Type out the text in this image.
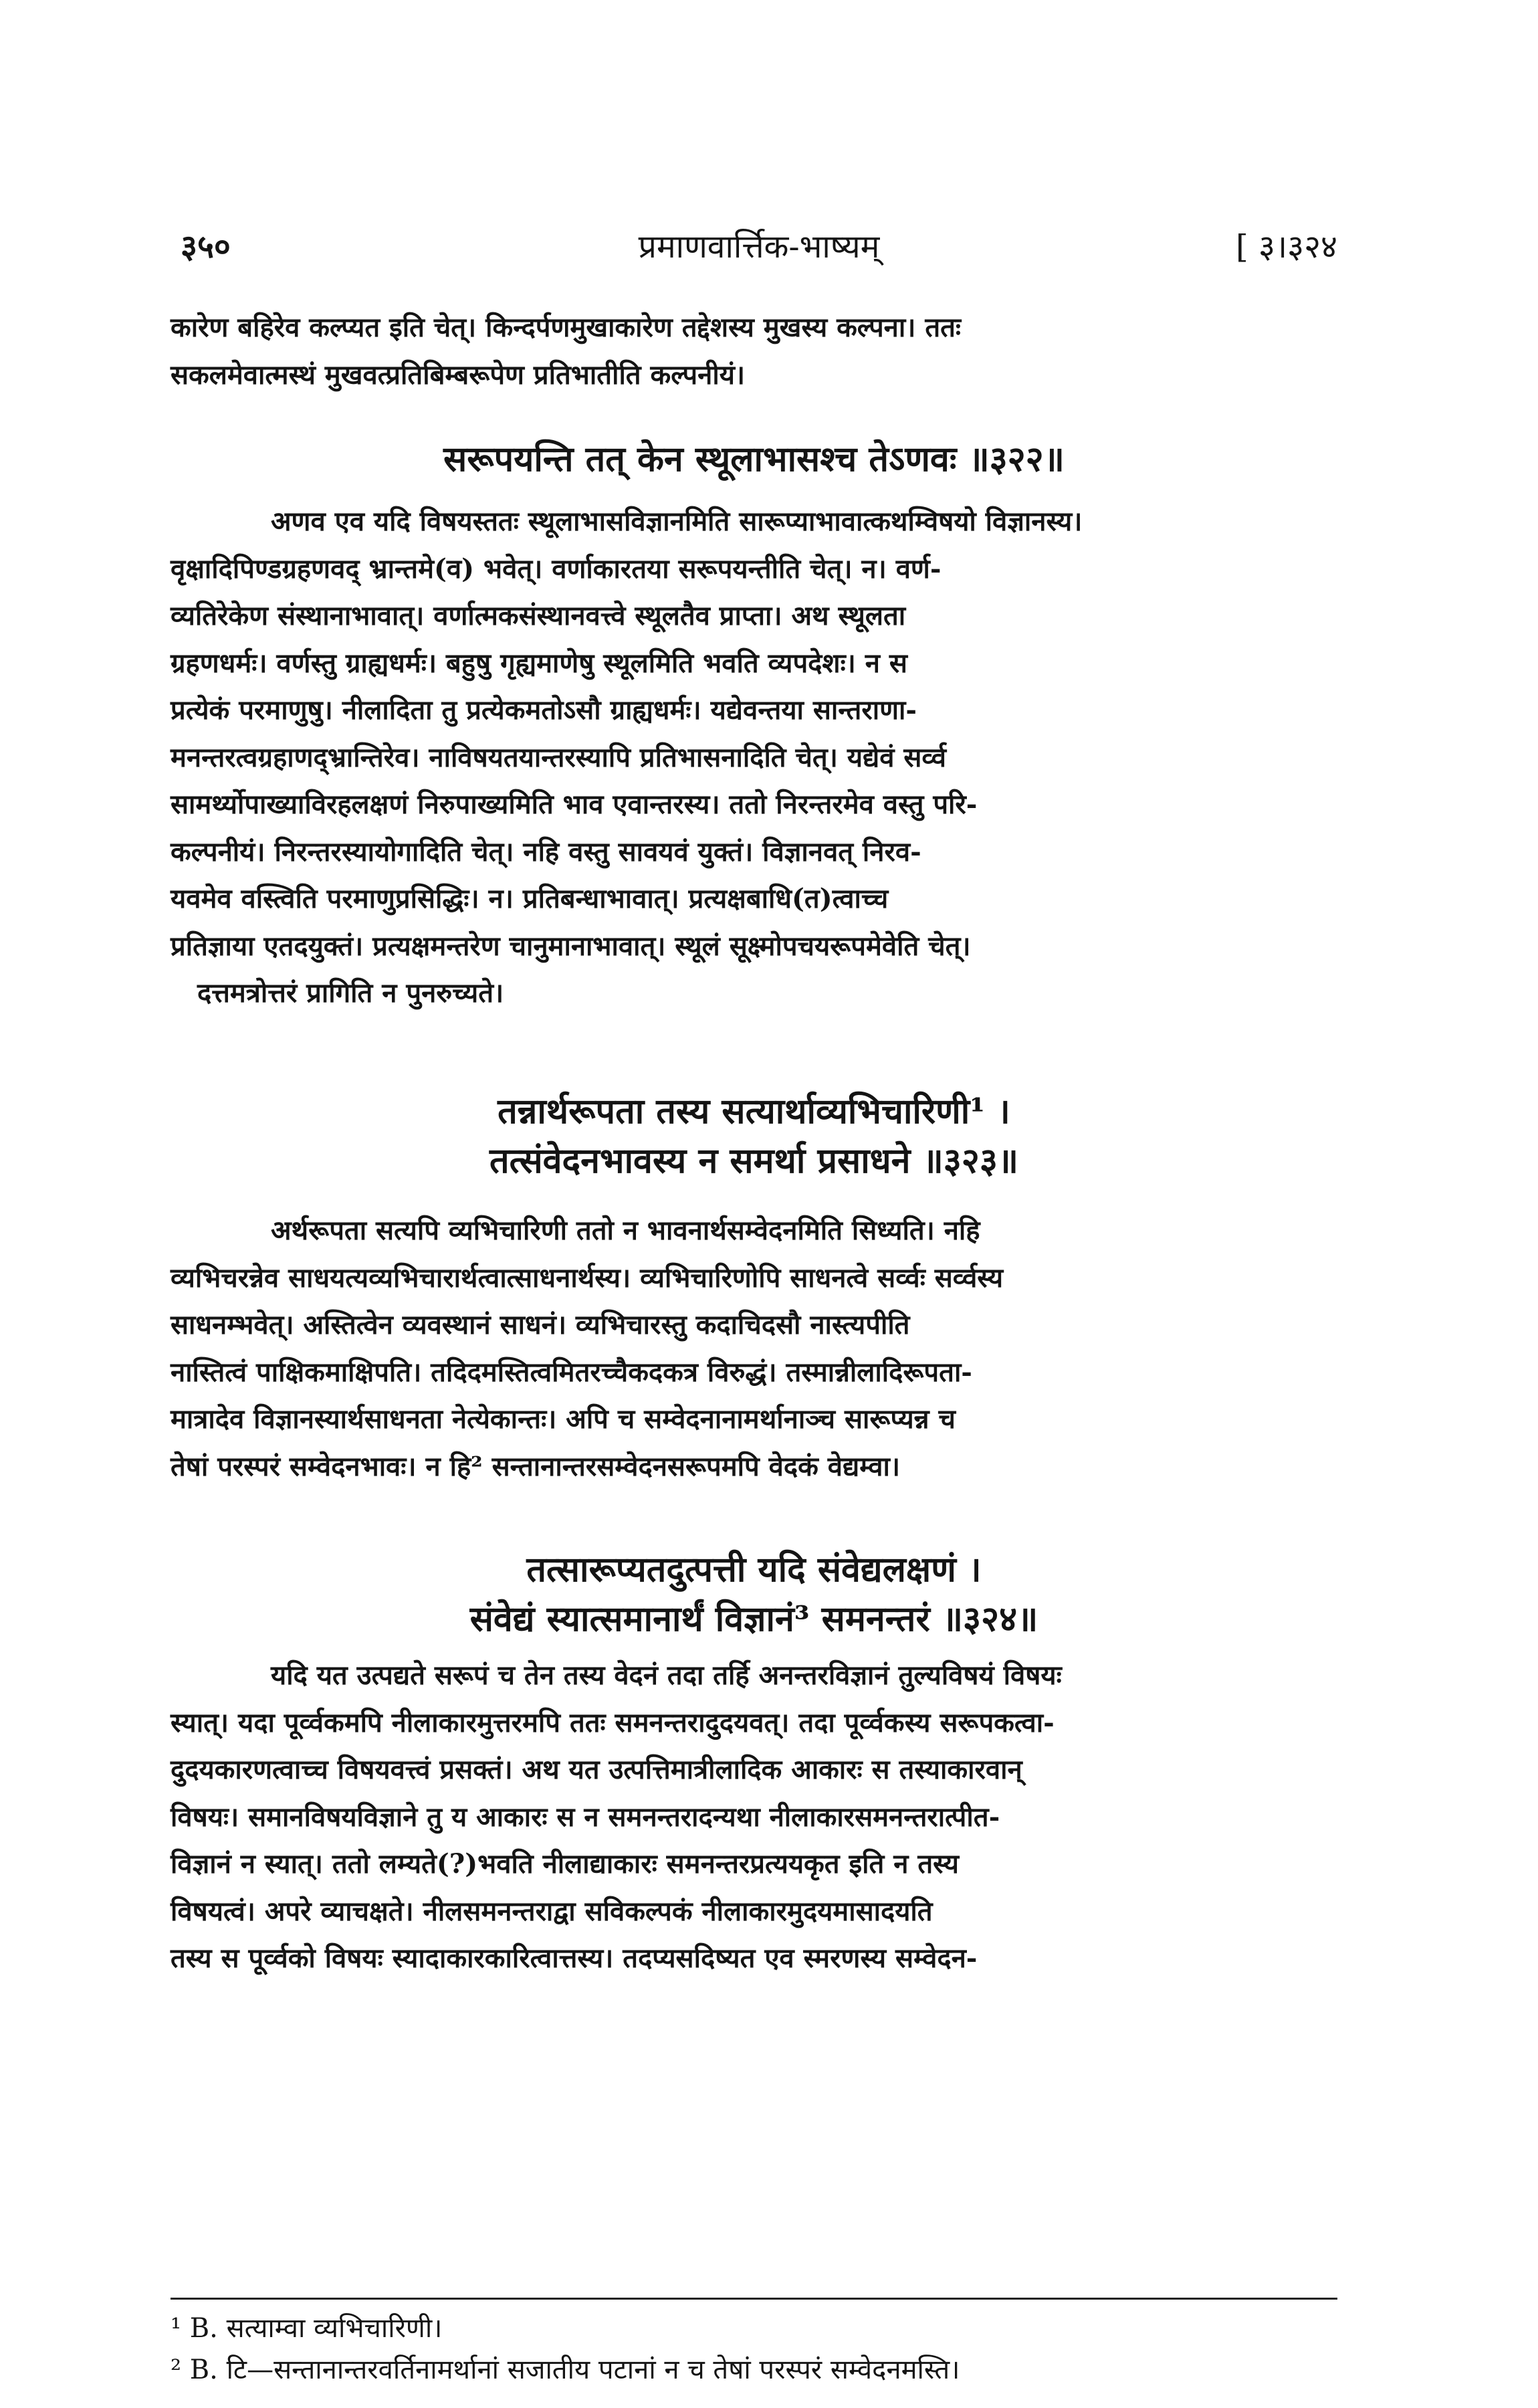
३५०	प्रमाणवार्त्तिक-भाष्यम्	[ ३।३२४

कारेण बहिरेव कल्प्यत इति चेत्। किन्दर्पणमुखाकारेण तद्देशस्य मुखस्य कल्पना। ततः

सकलमेवात्मस्थं मुखवत्प्रतिबिम्बरूपेण प्रतिभातीति कल्पनीयं।

सरूपयन्ति तत् केन स्थूलाभासश्च तेऽणवः ॥३२२॥

अणव एव यदि विषयस्ततः स्थूलाभासविज्ञानमिति सारूप्याभावात्कथम्विषयो विज्ञानस्य।

वृक्षादिपिण्डग्रहणवद् भ्रान्तमे(व) भवेत्। वर्णाकारतया सरूपयन्तीति चेत्। न। वर्ण-

व्यतिरेकेण संस्थानाभावात्। वर्णात्मकसंस्थानवत्त्वे स्थूलतैव प्राप्ता। अथ स्थूलता

ग्रहणधर्मः। वर्णस्तु ग्राह्यधर्मः। बहुषु गृह्यमाणेषु स्थूलमिति भवति व्यपदेशः। न स

प्रत्येकं परमाणुषु। नीलादिता तु प्रत्येकमतोऽसौ ग्राह्यधर्मः। यद्येवन्तया सान्तराणा-

मनन्तरत्वग्रहाणद्भ्रान्तिरेव। नाविषयतयान्तरस्यापि प्रतिभासनादिति चेत्। यद्येवं सर्व्व

सामर्थ्योपाख्याविरहलक्षणं निरुपाख्यमिति भाव एवान्तरस्य। ततो निरन्तरमेव वस्तु परि-

कल्पनीयं। निरन्तरस्यायोगादिति चेत्। नहि वस्तु सावयवं युक्तं। विज्ञानवत् निरव-

यवमेव वस्त्विति परमाणुप्रसिद्धिः। न। प्रतिबन्धाभावात्। प्रत्यक्षबाधि(त)त्वाच्च

प्रतिज्ञाया एतदयुक्तं। प्रत्यक्षमन्तरेण चानुमानाभावात्। स्थूलं सूक्ष्मोपचयरूपमेवेति चेत्।

दत्तमत्रोत्तरं प्रागिति न पुनरुच्यते।

तन्नार्थरूपता तस्य सत्यार्थाव्यभिचारिणी¹ ।
तत्संवेदनभावस्य न समर्था प्रसाधने ॥३२३॥

अर्थरूपता सत्यपि व्यभिचारिणी ततो न भावनार्थसम्वेदनमिति सिध्यति। नहि

व्यभिचरन्नेव साधयत्यव्यभिचारार्थत्वात्साधनार्थस्य। व्यभिचारिणोपि साधनत्वे सर्व्वः सर्व्वस्य

साधनम्भवेत्। अस्तित्वेन व्यवस्थानं साधनं। व्यभिचारस्तु कदाचिदसौ नास्त्यपीति

नास्तित्वं पाक्षिकमाक्षिपति। तदिदमस्तित्वमितरच्चैकदकत्र विरुद्धं। तस्मान्नीलादिरूपता-

मात्रादेव विज्ञानस्यार्थसाधनता नेत्येकान्तः। अपि च सम्वेदनानामर्थानाञ्च सारूप्यन्न च

तेषां परस्परं सम्वेदनभावः। न हि² सन्तानान्तरसम्वेदनसरूपमपि वेदकं वेद्यम्वा।

तत्सारूप्यतदुत्पत्ती यदि संवेद्यलक्षणं ।
संवेद्यं स्यात्समानार्थं विज्ञानं³ समनन्तरं ॥३२४॥

यदि यत उत्पद्यते सरूपं च तेन तस्य वेदनं तदा तर्हि अनन्तरविज्ञानं तुल्यविषयं विषयः

स्यात्। यदा पूर्व्वकमपि नीलाकारमुत्तरमपि ततः समनन्तरादुदयवत्। तदा पूर्व्वकस्य सरूपकत्वा-

दुदयकारणत्वाच्च विषयवत्त्वं प्रसक्तं। अथ यत उत्पत्तिमात्रीलादिक आकारः स तस्याकारवान्

विषयः। समानविषयविज्ञाने तु य आकारः स न समनन्तरादन्यथा नीलाकारसमनन्तरात्पीत-

विज्ञानं न स्यात्। ततो लम्यते(?)भवति नीलाद्याकारः समनन्तरप्रत्ययकृत इति न तस्य

विषयत्वं। अपरे व्याचक्षते। नीलसमनन्तराद्वा सविकल्पकं नीलाकारमुदयमासादयति

तस्य स पूर्व्वको विषयः स्यादाकारकारित्वात्तस्य। तदप्यसदिष्यत एव स्मरणस्य सम्वेदन-

¹ B. सत्याम्वा व्यभिचारिणी।
² B. टि—सन्तानान्तरवर्तिनामर्थानां सजातीय पटानां न च तेषां परस्परं सम्वेदनमस्ति।
